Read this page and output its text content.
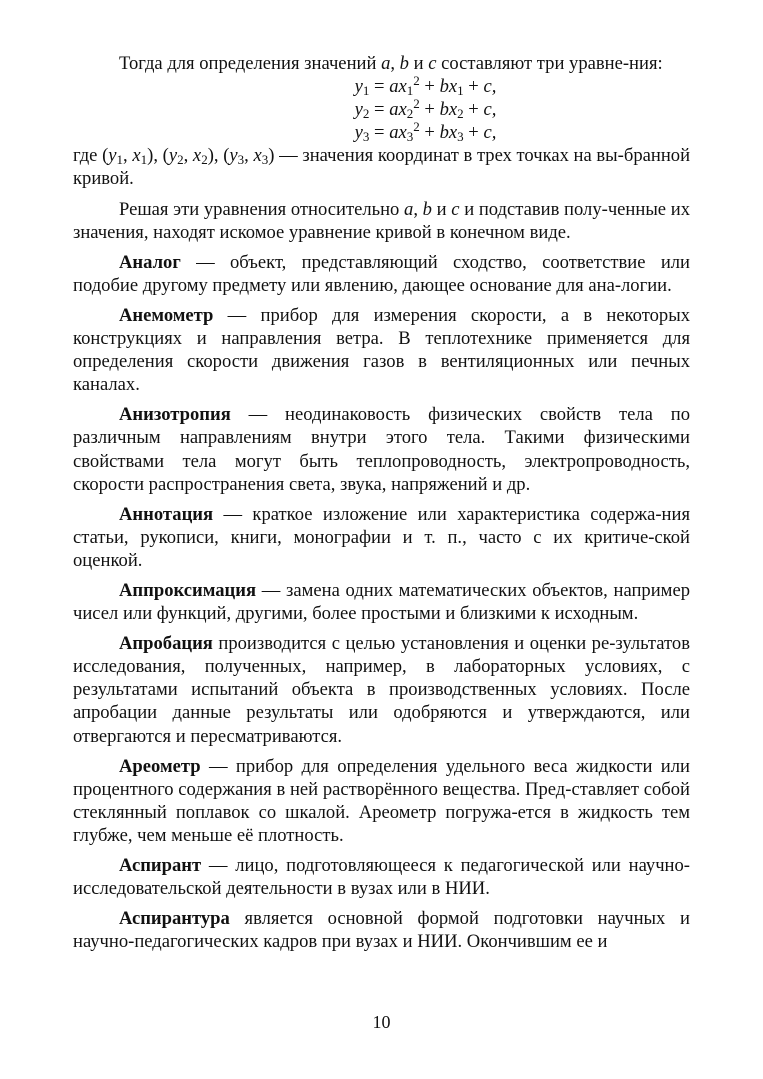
Тогда для определения значений a, b и c составляют три уравне-ния:

$y_1 = ax_1^2 + bx_1 + c$,
$y_2 = ax_2^2 + bx_2 + c$,
$y_3 = ax_3^2 + bx_3 + c$,

где ($y_1$, $x_1$), ($y_2$, $x_2$), ($y_3$, $x_3$) — значения координат в трех точках на вы-бранной кривой.

Решая эти уравнения относительно a, b и c и подставив полу-ченные их значения, находят искомое уравнение кривой в конечном виде.

Аналог — объект, представляющий сходство, соответствие или подобие другому предмету или явлению, дающее основание для ана-логии.

Анемометр — прибор для измерения скорости, а в некоторых конструкциях и направления ветра. В теплотехнике применяется для определения скорости движения газов в вентиляционных или печных каналах.

Анизотропия — неодинаковость физических свойств тела по различным направлениям внутри этого тела. Такими физическими свойствами тела могут быть теплопроводность, электропроводность, скорости распространения света, звука, напряжений и др.

Аннотация — краткое изложение или характеристика содержа-ния статьи, рукописи, книги, монографии и т. п., часто с их критиче-ской оценкой.

Аппроксимация — замена одних математических объектов, например чисел или функций, другими, более простыми и близкими к исходным.

Апробация производится с целью установления и оценки ре-зультатов исследования, полученных, например, в лабораторных условиях, с результатами испытаний объекта в производственных условиях. После апробации данные результаты или одобряются и утверждаются, или отвергаются и пересматриваются.

Ареометр — прибор для определения удельного веса жидкости или процентного содержания в ней растворённого вещества. Пред-ставляет собой стеклянный поплавок со шкалой. Ареометр погружа-ется в жидкость тем глубже, чем меньше её плотность.

Аспирант — лицо, подготовляющееся к педагогической или научно-исследовательской деятельности в вузах или в НИИ.

Аспирантура является основной формой подготовки научных и научно-педагогических кадров при вузах и НИИ. Окончившим ее и

10
